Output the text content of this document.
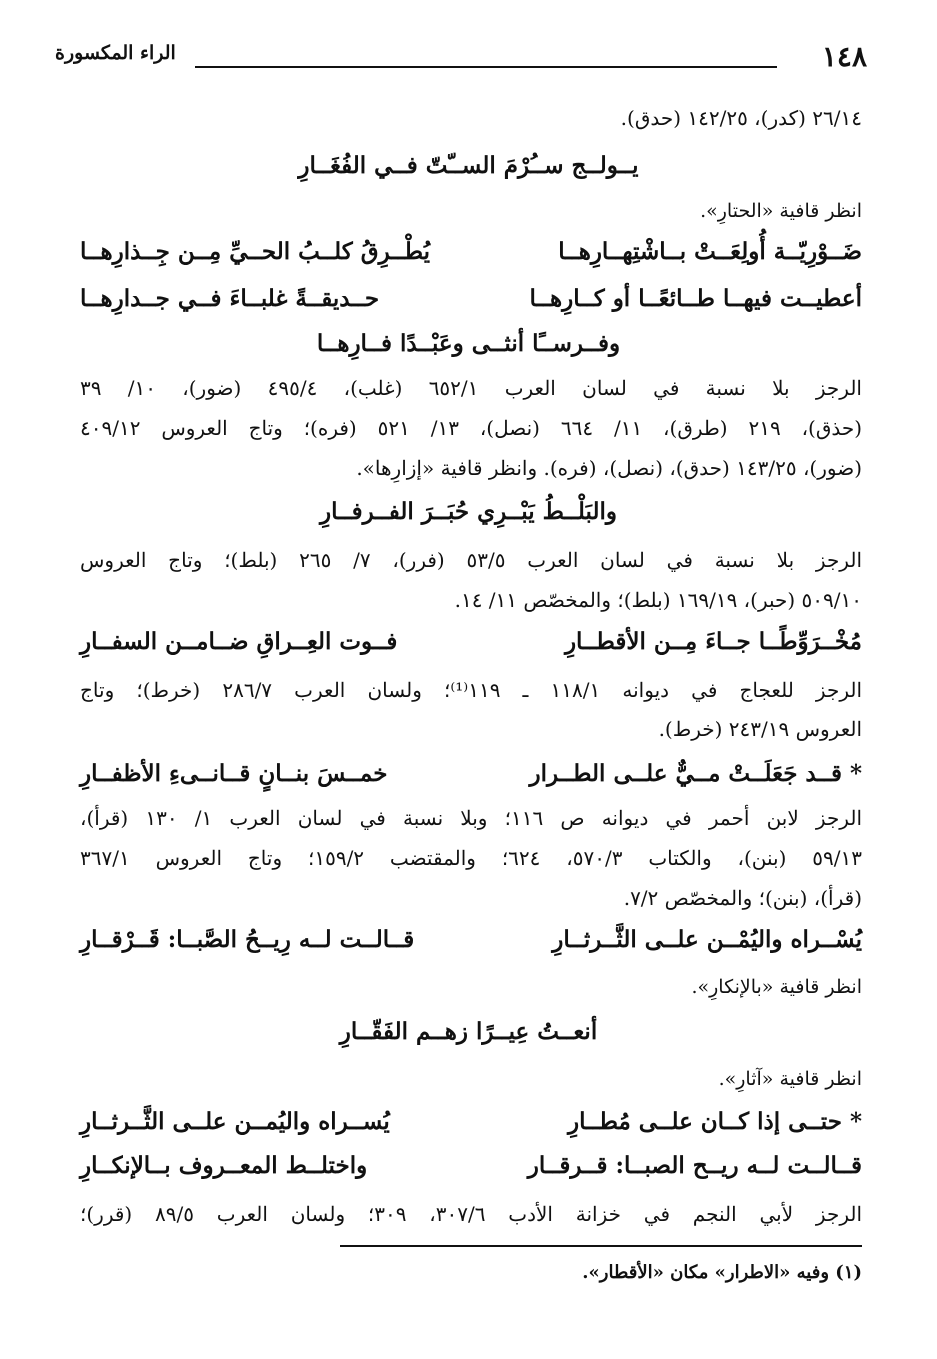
١٤٨
الراء المكسورة
٢٦/١٤ (كدر)، ١٤٢/٢٥ (حدق).
يــولــج ســُرْمَ الســّتّ فــي الفُغَــارِ
انظر قافية «الحتارِ».
ضَــوْرِيّــة أُولِعَــتْ بــاشْتِهــارِهــا
يُطْــرِقُ كلــبُ الحــيِّ مِــن جِــذارِهــا
أعطيــت فيهــا طــائعًــا أو كــارِهــا
حــديقــةً غلبــاءَ فــي جــدارِهــا
وفــرســًا أنثــى وعَبْــدًا فــارِهــا
الرجز بلا نسبة في لسان العرب ٦٥٢/١ (غلب)، ٤٩٥/٤ (ضور)، ١٠/ ٣٩
(حذق)، ٢١٩ (طرق)، ١١/ ٦٦٤ (نصل)، ١٣/ ٥٢١ (فره)؛ وتاج العروس ٤٠٩/١٢
(ضور)، ١٤٣/٢٥ (حدق)، (نصل)، (فره). وانظر قافية «إزارِها».
والبَلْــطُ يَبْــرِي حُبَــرَ الفــرفــارِ
الرجز بلا نسبة في لسان العرب ٥٣/٥ (فرر)، ٧/ ٢٦٥ (بلط)؛ وتاج العروس
٥٠٩/١٠ (حبر)، ١٦٩/١٩ (بلط)؛ والمخصّص ١١/ ١٤.
مُخْــرَوِّطًــا جــاءَ مِــن الأقطــارِ
فــوت العِــراقِ ضــامــن السفــارِ
الرجز للعجاج في ديوانه ١١٨/١ ـ ١١٩⁽¹⁾؛ ولسان العرب ٢٨٦/٧ (خرط)؛ وتاج
العروس ٢٤٣/١٩ (خرط).
* قــد جَعَلَــتْ مــيٌّ علــى الطــرار
خمــسَ بنــانٍ قــانــىءِ الأظفــارِ
الرجز لابن أحمر في ديوانه ص ١١٦؛ وبلا نسبة في لسان العرب ١/ ١٣٠ (قرأ)،
٥٩/١٣ (بنن)، والكتاب ٥٧٠/٣، ٦٢٤؛ والمقتضب ١٥٩/٢؛ وتاج العروس ٣٦٧/١
(قرأ)، (بنن)؛ والمخصّص ٧/٢.
يُسْــراه واليُمْــن علــى الثَّــرثــارِ
قــالــت لــه رِيــحُ الصَّبــا: قَــرْقــارِ
انظر قافية «بالإنكارِ».
أنعــتُ عِيــرًا زهــم الفَقّــارِ
انظر قافية «آثارِ».
* حتــى إذا كــان علــى مُطــارِ
يُســراه واليُمــن علــى الثَّــرثــارِ
قــالــت لــه ريــح الصبــا: قــرقــار
واختلــط المعــروف بــالإنكــارِ
الرجز لأبي النجم في خزانة الأدب ٣٠٧/٦، ٣٠٩؛ ولسان العرب ٨٩/٥ (قرر)؛
(١) وفيه «الاطرار» مكان «الأقطار».
